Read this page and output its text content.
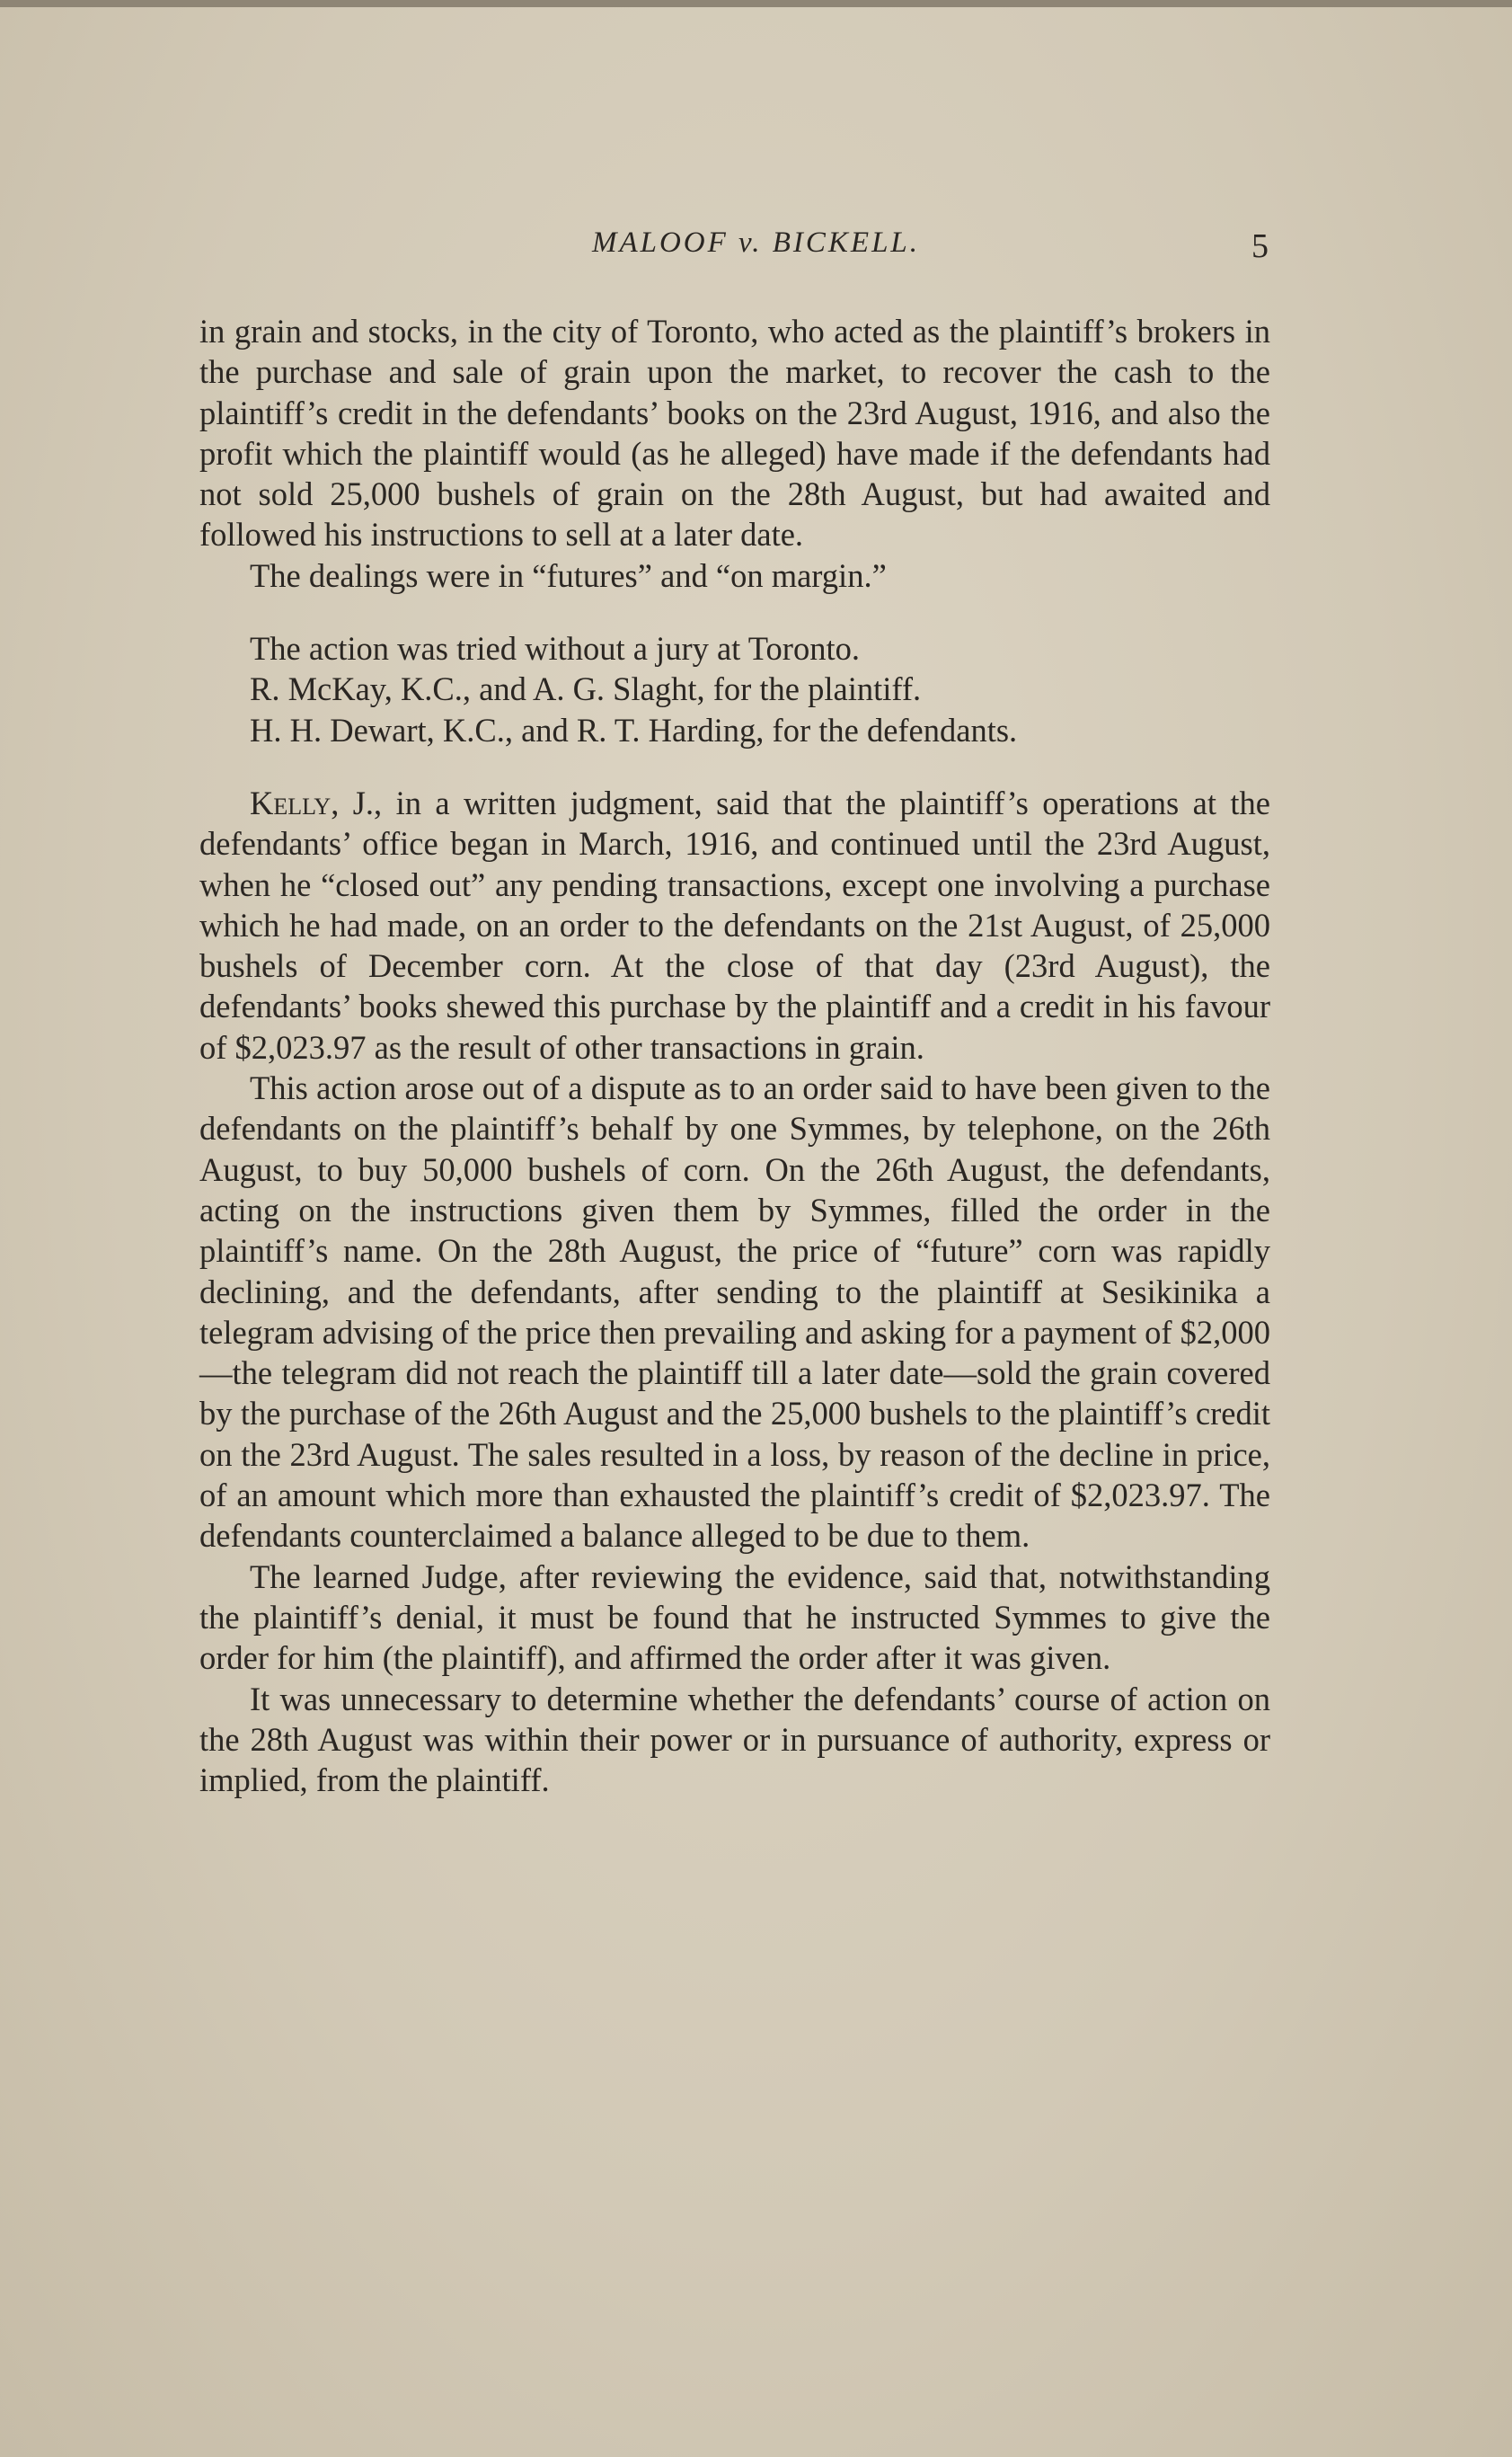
MALOOF v. BICKELL.	5

in grain and stocks, in the city of Toronto, who acted as the plaintiff’s brokers in the purchase and sale of grain upon the market, to recover the cash to the plaintiff’s credit in the defendants’ books on the 23rd August, 1916, and also the profit which the plaintiff would (as he alleged) have made if the defendants had not sold 25,000 bushels of grain on the 28th August, but had awaited and followed his instructions to sell at a later date.

The dealings were in “futures” and “on margin.”

The action was tried without a jury at Toronto.

R. McKay, K.C., and A. G. Slaght, for the plaintiff.

H. H. Dewart, K.C., and R. T. Harding, for the defendants.

Kelly, J., in a written judgment, said that the plaintiff’s operations at the defendants’ office began in March, 1916, and continued until the 23rd August, when he “closed out” any pending transactions, except one involving a purchase which he had made, on an order to the defendants on the 21st August, of 25,000 bushels of December corn. At the close of that day (23rd August), the defendants’ books shewed this purchase by the plaintiff and a credit in his favour of $2,023.97 as the result of other transactions in grain.

This action arose out of a dispute as to an order said to have been given to the defendants on the plaintiff’s behalf by one Symmes, by telephone, on the 26th August, to buy 50,000 bushels of corn. On the 26th August, the defendants, acting on the instructions given them by Symmes, filled the order in the plaintiff’s name. On the 28th August, the price of “future” corn was rapidly declining, and the defendants, after sending to the plaintiff at Sesikinika a telegram advising of the price then prevailing and asking for a payment of $2,000—the telegram did not reach the plaintiff till a later date—sold the grain covered by the purchase of the 26th August and the 25,000 bushels to the plaintiff’s credit on the 23rd August. The sales resulted in a loss, by reason of the decline in price, of an amount which more than exhausted the plaintiff’s credit of $2,023.97. The defendants counterclaimed a balance alleged to be due to them.

The learned Judge, after reviewing the evidence, said that, notwithstanding the plaintiff’s denial, it must be found that he instructed Symmes to give the order for him (the plaintiff), and affirmed the order after it was given.

It was unnecessary to determine whether the defendants’ course of action on the 28th August was within their power or in pursuance of authority, express or implied, from the plaintiff.
